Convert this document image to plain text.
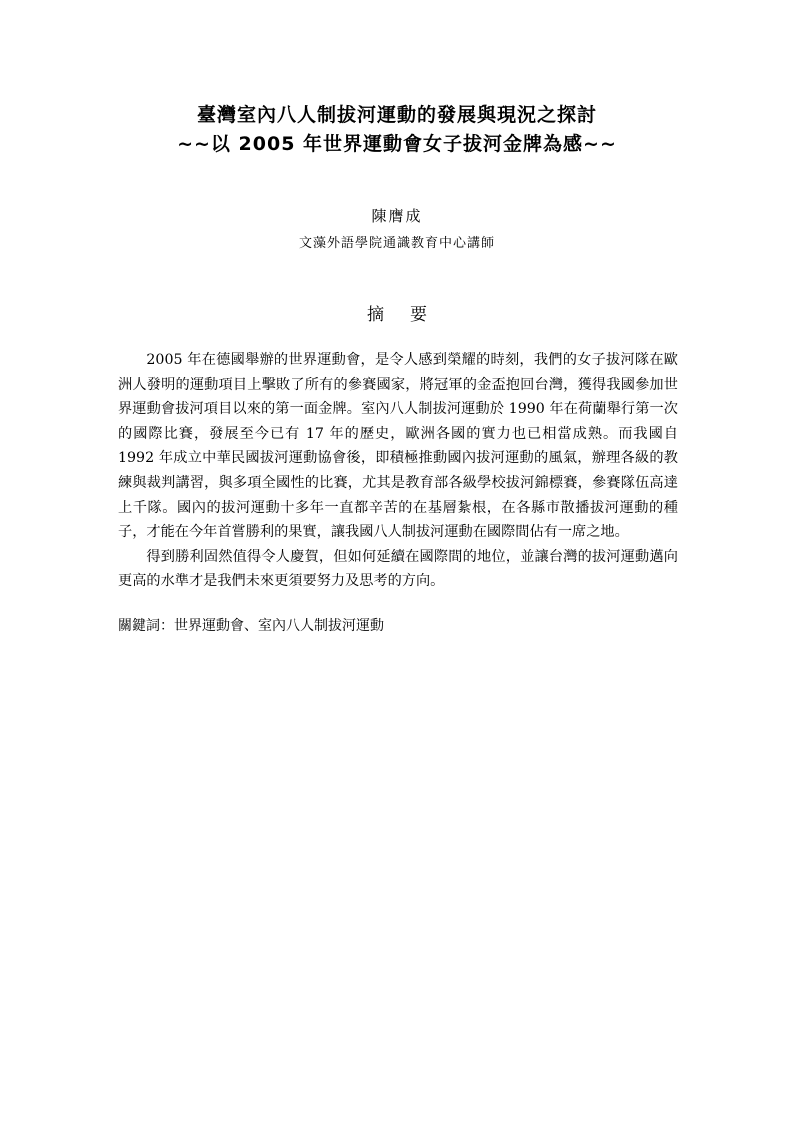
臺灣室內八人制拔河運動的發展與現況之探討
~~以 2005 年世界運動會女子拔河金牌為感~~
陳膺成
文藻外語學院通識教育中心講師
摘要

2005 年在德國舉辦的世界運動會，是令人感到榮耀的時刻，我們的女子拔河隊在歐洲人發明的運動項目上擊敗了所有的參賽國家，將冠軍的金盃抱回台灣，獲得我國參加世界運動會拔河項目以來的第一面金牌。室內八人制拔河運動於 1990 年在荷蘭舉行第一次的國際比賽，發展至今已有 17 年的歷史，歐洲各國的實力也已相當成熟。而我國自 1992 年成立中華民國拔河運動協會後，即積極推動國內拔河運動的風氣，辦理各級的教練與裁判講習，與多項全國性的比賽，尤其是教育部各級學校拔河錦標賽，參賽隊伍高達上千隊。國內的拔河運動十多年一直都辛苦的在基層紮根，在各縣市散播拔河運動的種子，才能在今年首嘗勝利的果實，讓我國八人制拔河運動在國際間佔有一席之地。

得到勝利固然值得令人慶賀，但如何延續在國際間的地位，並讓台灣的拔河運動邁向更高的水準才是我們未來更須要努力及思考的方向。

關鍵詞：世界運動會、室內八人制拔河運動
